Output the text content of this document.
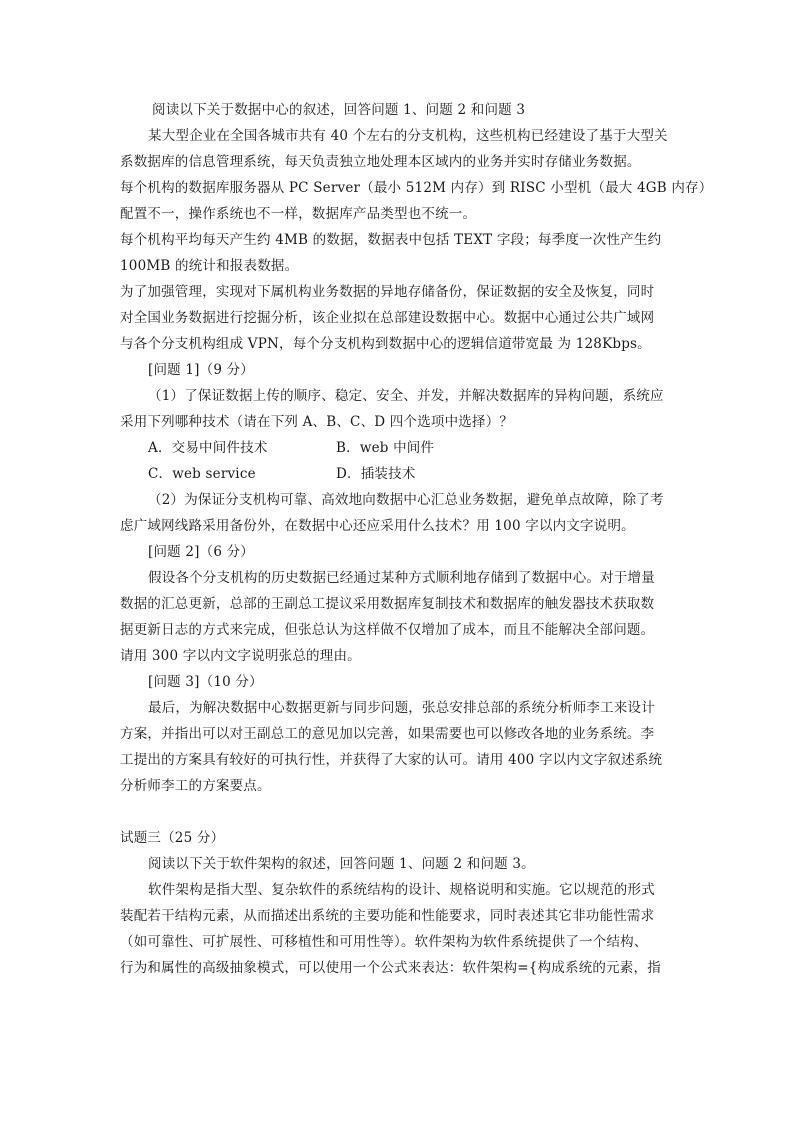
阅读以下关于数据中心的叙述，回答问题 1、问题 2 和问题 3
某大型企业在全国各城市共有 40 个左右的分支机构，这些机构已经建设了基于大型关
系数据库的信息管理系统，每天负责独立地处理本区域内的业务并实时存储业务数据。
每个机构的数据库服务器从 PC Server（最小 512M 内存）到 RISC 小型机（最大 4GB 内存）
配置不一，操作系统也不一样，数据库产品类型也不统一。
每个机构平均每天产生约 4MB 的数据，数据表中包括 TEXT 字段；每季度一次性产生约
100MB 的统计和报表数据。
为了加强管理，实现对下属机构业务数据的异地存储备份，保证数据的安全及恢复，同时
对全国业务数据进行挖掘分析，该企业拟在总部建设数据中心。数据中心通过公共广域网
与各个分支机构组成 VPN，每个分支机构到数据中心的逻辑信道带宽最 为 128Kbps。
[问题 1]（9 分）
（1）了保证数据上传的顺序、稳定、安全、并发，并解决数据库的异构问题，系统应
采用下列哪种技术（请在下列 A、B、C、D 四个选项中选择）？
A．交易中间件技术	B．web 中间件
C．web service	D．插装技术
（2）为保证分支机构可靠、高效地向数据中心汇总业务数据，避免单点故障，除了考
虑广域网线路采用备份外，在数据中心还应采用什么技术？用 100 字以内文字说明。
[问题 2]（6 分）
假设各个分支机构的历史数据已经通过某种方式顺利地存储到了数据中心。对于增量
数据的汇总更新，总部的王副总工提议采用数据库复制技术和数据库的触发器技术获取数
据更新日志的方式来完成，但张总认为这样做不仅增加了成本，而且不能解决全部问题。
请用 300 字以内文字说明张总的理由。
[问题 3]（10 分）
最后，为解决数据中心数据更新与同步问题，张总安排总部的系统分析师李工来设计
方案，并指出可以对王副总工的意见加以完善，如果需要也可以修改各地的业务系统。李
工提出的方案具有较好的可执行性，并获得了大家的认可。请用 400 字以内文字叙述系统
分析师李工的方案要点。
试题三（25 分）
阅读以下关于软件架构的叙述，回答问题 1、问题 2 和问题 3。
软件架构是指大型、复杂软件的系统结构的设计、规格说明和实施。它以规范的形式
装配若干结构元素，从而描述出系统的主要功能和性能要求，同时表述其它非功能性需求
（如可靠性、可扩展性、可移植性和可用性等）。软件架构为软件系统提供了一个结构、
行为和属性的高级抽象模式，可以使用一个公式来表达：软件架构={构成系统的元素，指
